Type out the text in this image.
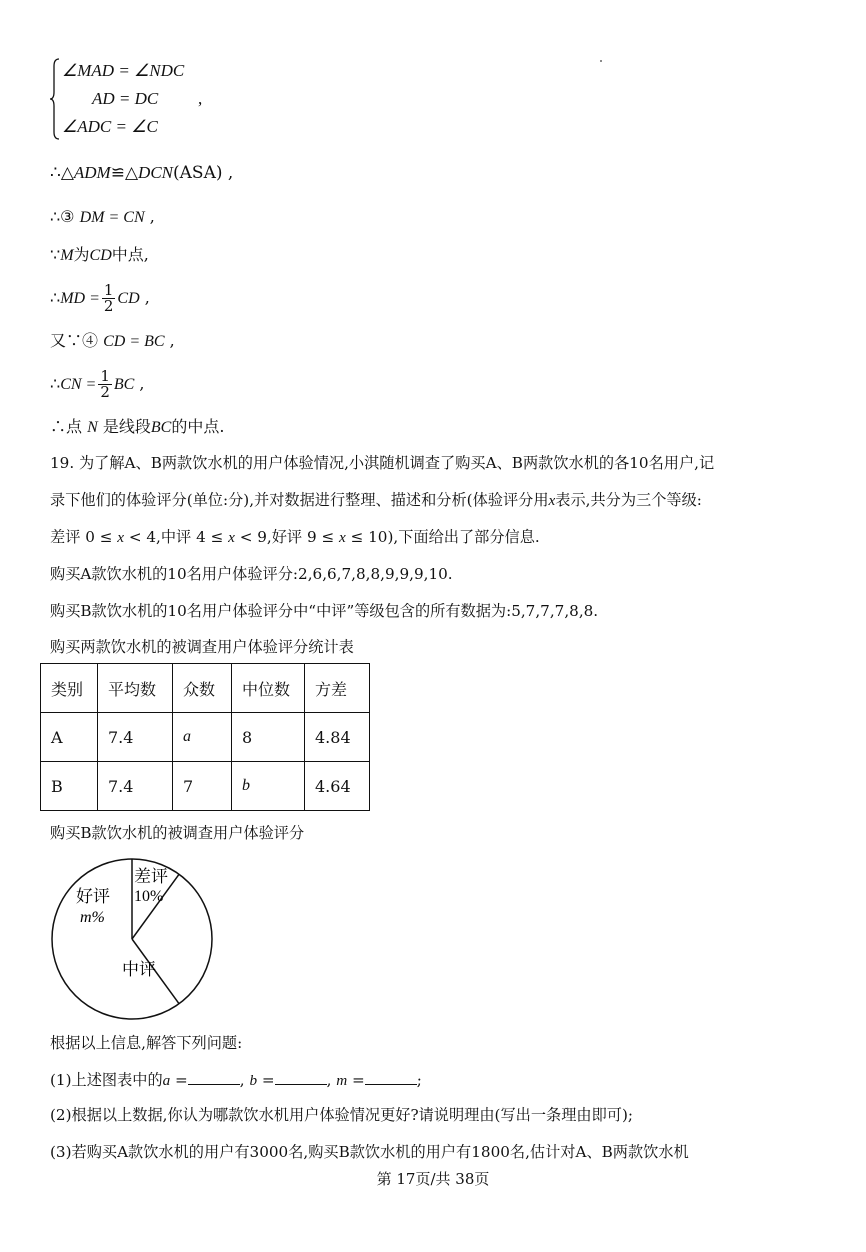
∠MAD = ∠NDC
AD = DC ,
∠ADC = ∠C
∴△ADM≌△DCN(ASA) ,
∴③ DM = CN ,
∵M为CD中点,
∴MD = $\frac{1}{2}$ CD ,
又∵④ CD = BC ,
∴CN = $\frac{1}{2}$ BC ,
∴点 N 是线段BC的中点.
19. 为了解A、B两款饮水机的用户体验情况,小淇随机调查了购买A、B两款饮水机的各10名用户,记
录下他们的体验评分(单位:分),并对数据进行整理、描述和分析(体验评分用x表示,共分为三个等级:
差评 0 ≤ x < 4,中评 4 ≤ x < 9,好评 9 ≤ x ≤ 10),下面给出了部分信息.
购买A款饮水机的10名用户体验评分:2,6,6,7,8,8,9,9,9,10.
购买B款饮水机的10名用户体验评分中“中评”等级包含的所有数据为:5,7,7,7,8,8.
购买两款饮水机的被调查用户体验评分统计表
类别	平均数	众数	中位数	方差
A	7.4	a	8	4.84
B	7.4	7	b	4.64
购买B款饮水机的被调查用户体验评分
差评
10%
好评
m%
中评
根据以上信息,解答下列问题:
(1)上述图表中的a =	, b =	, m =	;
(2)根据以上数据,你认为哪款饮水机用户体验情况更好?请说明理由(写出一条理由即可);
(3)若购买A款饮水机的用户有3000名,购买B款饮水机的用户有1800名,估计对A、B两款饮水机
第 17页/共 38页
